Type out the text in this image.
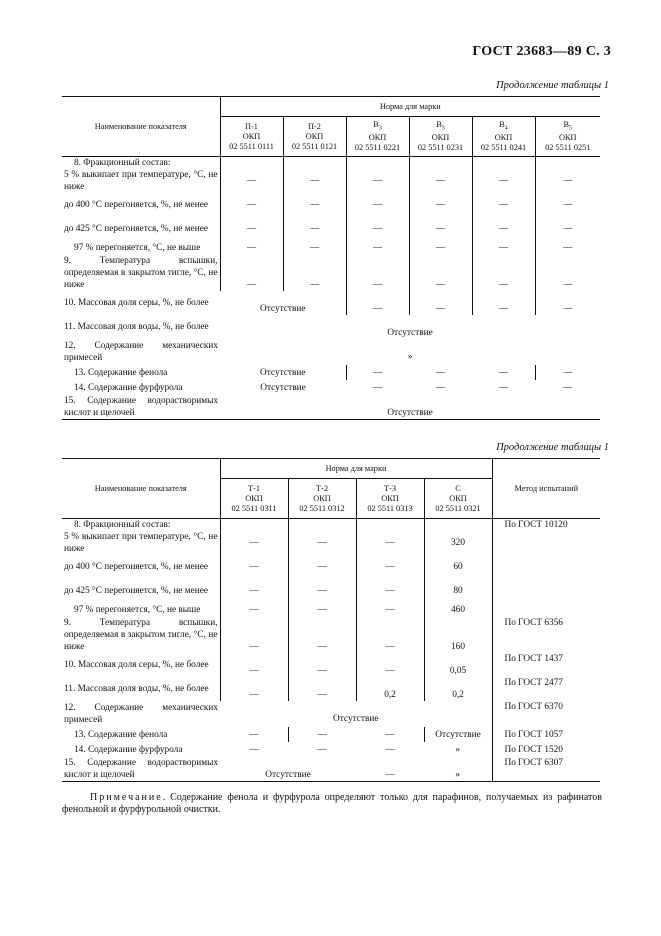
ГОСТ 23683—89 С. 3
Продолжение таблицы 1
Наименование показателя	Норма для марки					
	П-1
ОКП
02 5511 0111	П-2
ОКП
02 5511 0121	$В_3$
ОКП
02 5511 0221	$В_3$
ОКП
02 5511 0231	$В_4$
ОКП
02 5511 0241	$В_5$
ОКП
02 5511 0251
8. Фракционный состав:						
5 % выкипает при температуре, °С, не ниже	—	—	—	—	—	—
до 400 °С перегоняется, %, не менее	—	—	—	—	—	—
до 425 °С перегоняется, %, не менее	—	—	—	—	—	—
97 % перегоняется, °С, не выше	—	—	—	—	—	—
9. Температура вспышки, определяемая в закрытом тигле, °С, не ниже	—	—	—	—	—	—
10. Массовая доля серы, %, не более	Отсутствие		—	—	—	—
11. Массовая доля воды, %, не более	Отсутствие					
12. Содержание механических примесей	»					
13. Содержание фенола	Отсутствие		—	—	—	—
14. Содержание фурфурола	Отсутствие		—	—	—	—
15. Содержание водорастворимых кислот и щелочей	Отсутствие					
Продолжение таблицы 1
Наименование показателя	Норма для марки				Метод испытаний
	Т-1
ОКП
02 5511 0311	Т-2
ОКП
02 5511 0312	Т-3
ОКП
02 5511 0313	С
ОКП
02 5511 0321	
8. Фракционный состав:					По ГОСТ 10120
5 % выкипает при температуре, °С, не ниже	—	—	—	320	
до 400 °С перегоняется, %, не менее	—	—	—	60	
до 425 °С перегоняется, %, не менее	—	—	—	80	
97 % перегоняется, °С, не выше	—	—	—	460	
9. Температура вспышки, определяемая в закрытом тигле, °С, не ниже	—	—	—	160	По ГОСТ 6356
10. Массовая доля серы, %, не более	—	—	—	0,05	По ГОСТ 1437
11. Массовая доля воды, %, не более	—	—	0,2	0,2	По ГОСТ 2477
12. Содержание механических примесей	Отсутствие				По ГОСТ 6370
13. Содержание фенола	—	—	—	Отсутствие	По ГОСТ 1057
14. Содержание фурфурола	—	—	—	»	По ГОСТ 1520
15. Содержание водорастворимых кислот и щелочей	Отсутствие		—	»	По ГОСТ 6307
Примечание. Содержание фенола и фурфурола определяют только для парафинов, получаемых из рафинатов фенольной и фурфурольной очистки.
